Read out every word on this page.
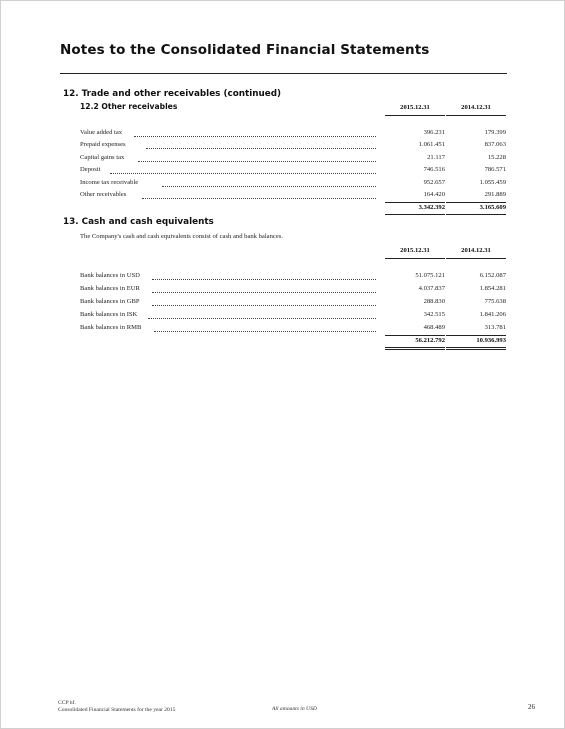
Notes to the Consolidated Financial Statements
12. Trade and other receivables (continued)
12.2 Other receivables	2015.12.31	2014.12.31
Value added tax	396.231	179.399
Prepaid expenses	1.061.451	837.063
Capital gains tax	21.117	15.228
Deposit	746.516	786.571
Income tax receivable	952.657	1.055.459
Other receivables	164.420	291.889
3.342.392	3.165.609
13. Cash and cash equivalents
The Company's cash and cash equivalents consist of cash and bank balances.
2015.12.31	2014.12.31
Bank balances in USD	51.075.121	6.152.087
Bank balances in EUR	4.037.837	1.854.281
Bank balances in GBP	288.830	775.638
Bank balances in ISK	342.515	1.841.206
Bank balances in RMB	468.489	313.781
56.212.792	10.936.993
CCP hf.
Consolidated Financial Statements for the year 2015	All amounts in USD	26
